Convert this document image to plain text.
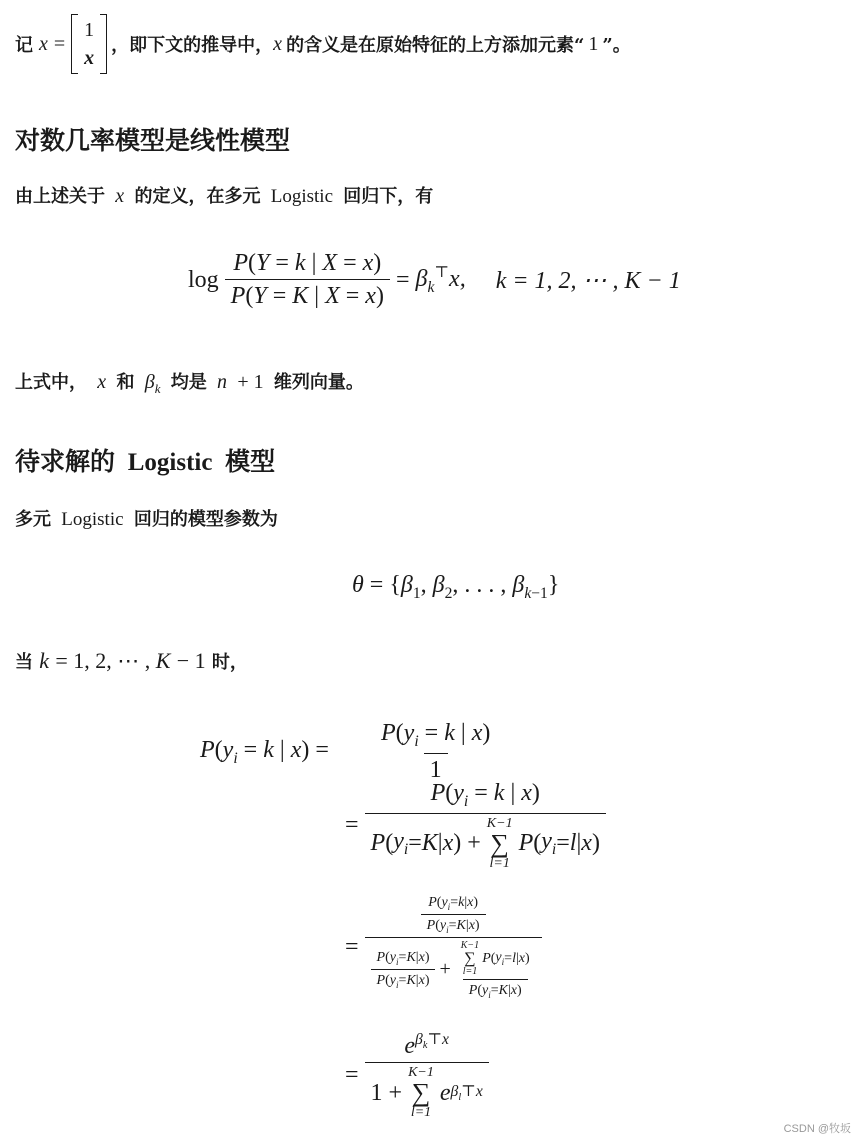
记 x =
1
x
，即下文的推导中， x 的含义是在原始特征的上方添加元素“ 1 ”。
对数几率模型是线性模型
由上述关于 x 的定义，在多元 Logistic 回归下，有
$\log \frac{P(Y = k | X = x)}{P(Y = K | X = x)} = \beta_k^⊤x$, k = 1, 2, ⋯ , K − 1
上式中， x 和 $\beta_k$ 均是 n + 1 维列向量。
待求解的 Logistic 模型
多元 Logistic 回归的模型参数为
$\theta = \{\beta_1$, $\beta_2$, . . . , $\beta_{k-1}$}
当 k = 1, 2, ⋯ , K − 1 时，
$P(y_i = k$ | $x) = \frac{P(y_i = k | x)}{1}$
=
$P(y_i = k$ | x)
P ( $y_i = K$ | x ) +
K−1
∑
l=1
P ( $y_i = l$ | x )
= $\frac{P(y_i=k|x)}{P(y_i=K|x)}$
$\frac{P(y_i=K|x)}{P(y_i=K|x)} + K-1$
∑
l=1
P ( $y_i = l$ | x )
$P(y_i=K|x)$
= $e^{\beta_k⊤x}$
1 +
K−1
∑
l=1
e $\beta_l⊤x$
CSDN @牧坂
